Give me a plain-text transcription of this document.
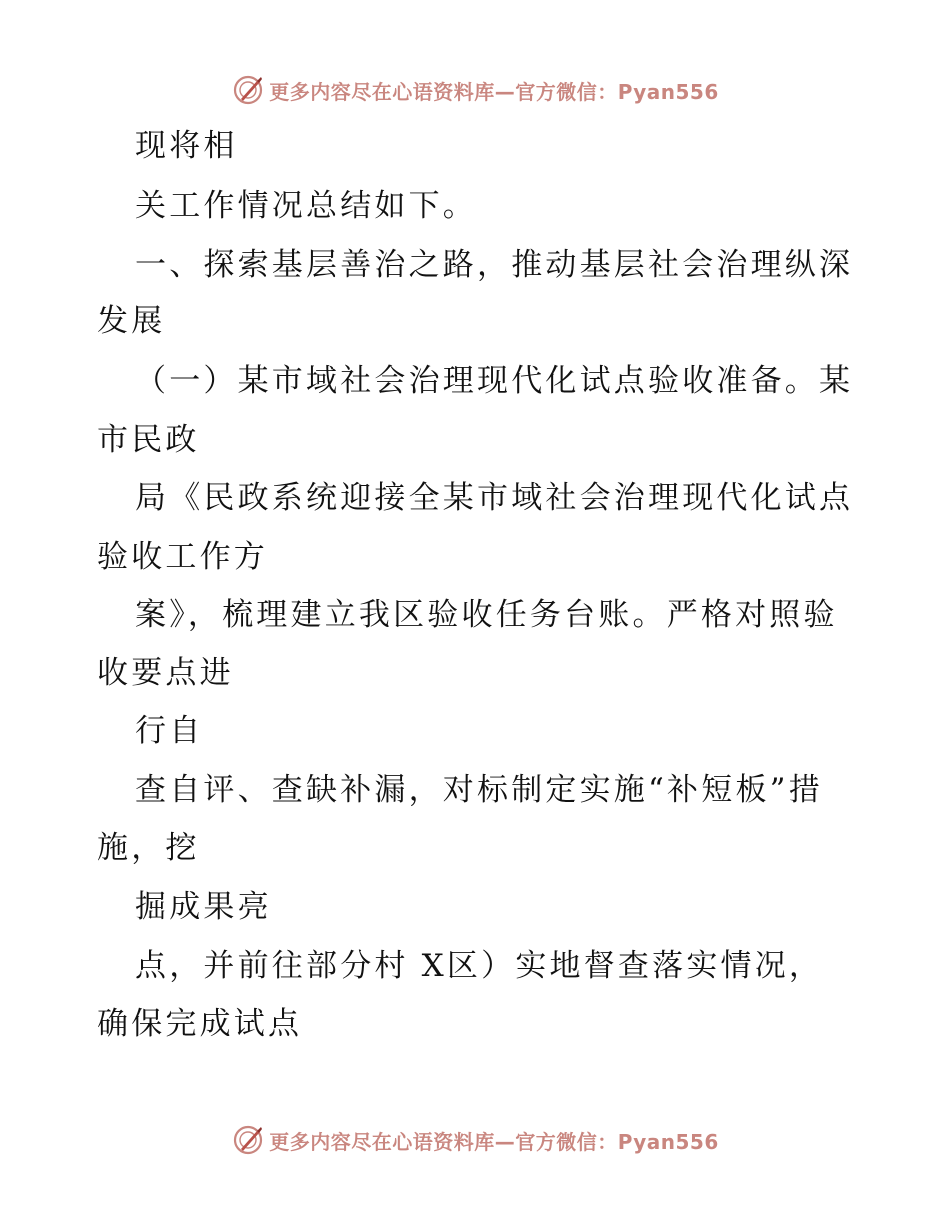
更多内容尽在心语资料库—官方微信：Pyan556
现将相
关工作情况总结如下。
一、探索基层善治之路，推动基层社会治理纵深
发展
（一）某市域社会治理现代化试点验收准备。某
市民政
局《民政系统迎接全某市域社会治理现代化试点
验收工作方
案》，梳理建立我区验收任务台账。严格对照验
收要点进
行自
查自评、查缺补漏，对标制定实施“补短板”措
施，挖
掘成果亮
点，并前往部分村 X区）实地督查落实情况，
确保完成试点
更多内容尽在心语资料库—官方微信：Pyan556
